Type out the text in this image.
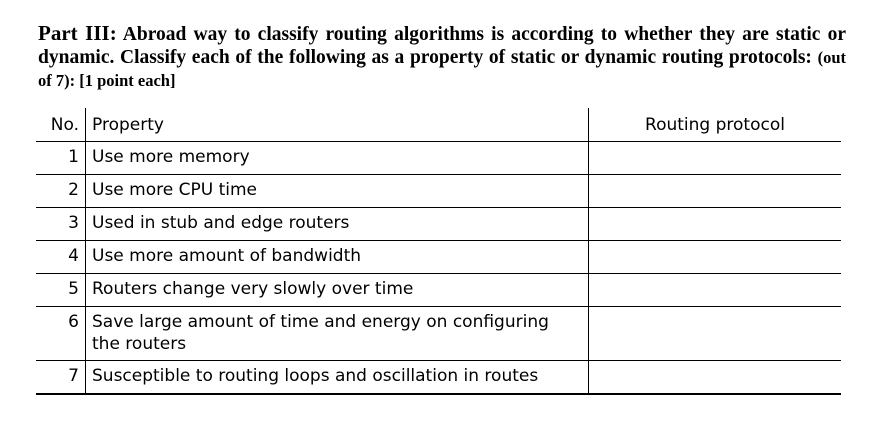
Part III: Abroad way to classify routing algorithms is according to whether they are static or dynamic. Classify each of the following as a property of static or dynamic routing protocols: (out of 7): [1 point each]
No.	Property	Routing protocol
1	Use more memory	
2	Use more CPU time	
3	Used in stub and edge routers	
4	Use more amount of bandwidth	
5	Routers change very slowly over time	
6	Save large amount of time and energy on configuring the routers	
7	Susceptible to routing loops and oscillation in routes	
